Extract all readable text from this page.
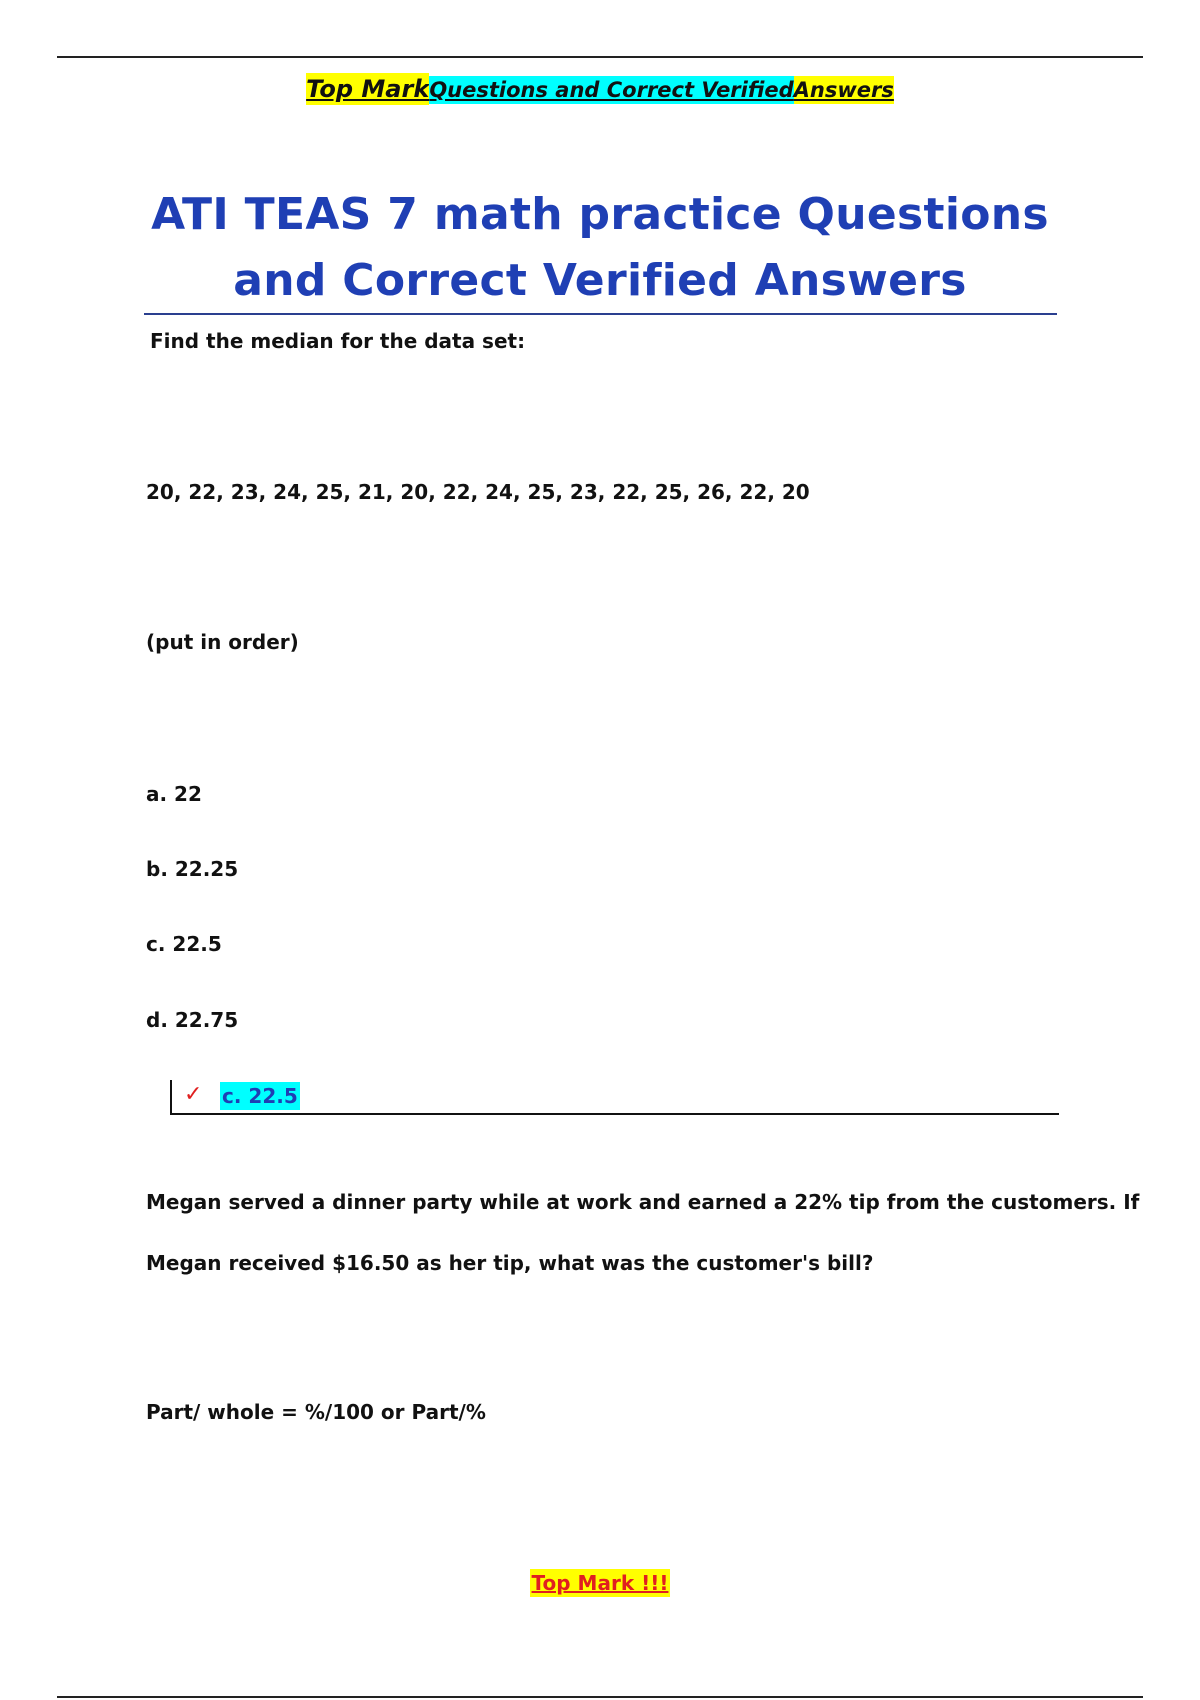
Top MarkQuestions and Correct VerifiedAnswers
ATI TEAS 7 math practice Questions
and Correct Verified Answers
Find the median for the data set:
20, 22, 23, 24, 25, 21, 20, 22, 24, 25, 23, 22, 25, 26, 22, 20
(put in order)
a. 22
b. 22.25
c. 22.5
d. 22.75
✓ c. 22.5
Megan served a dinner party while at work and earned a 22% tip from the customers. If
Megan received $16.50 as her tip, what was the customer's bill?
Part/ whole = %/100 or Part/%
Top Mark !!!
